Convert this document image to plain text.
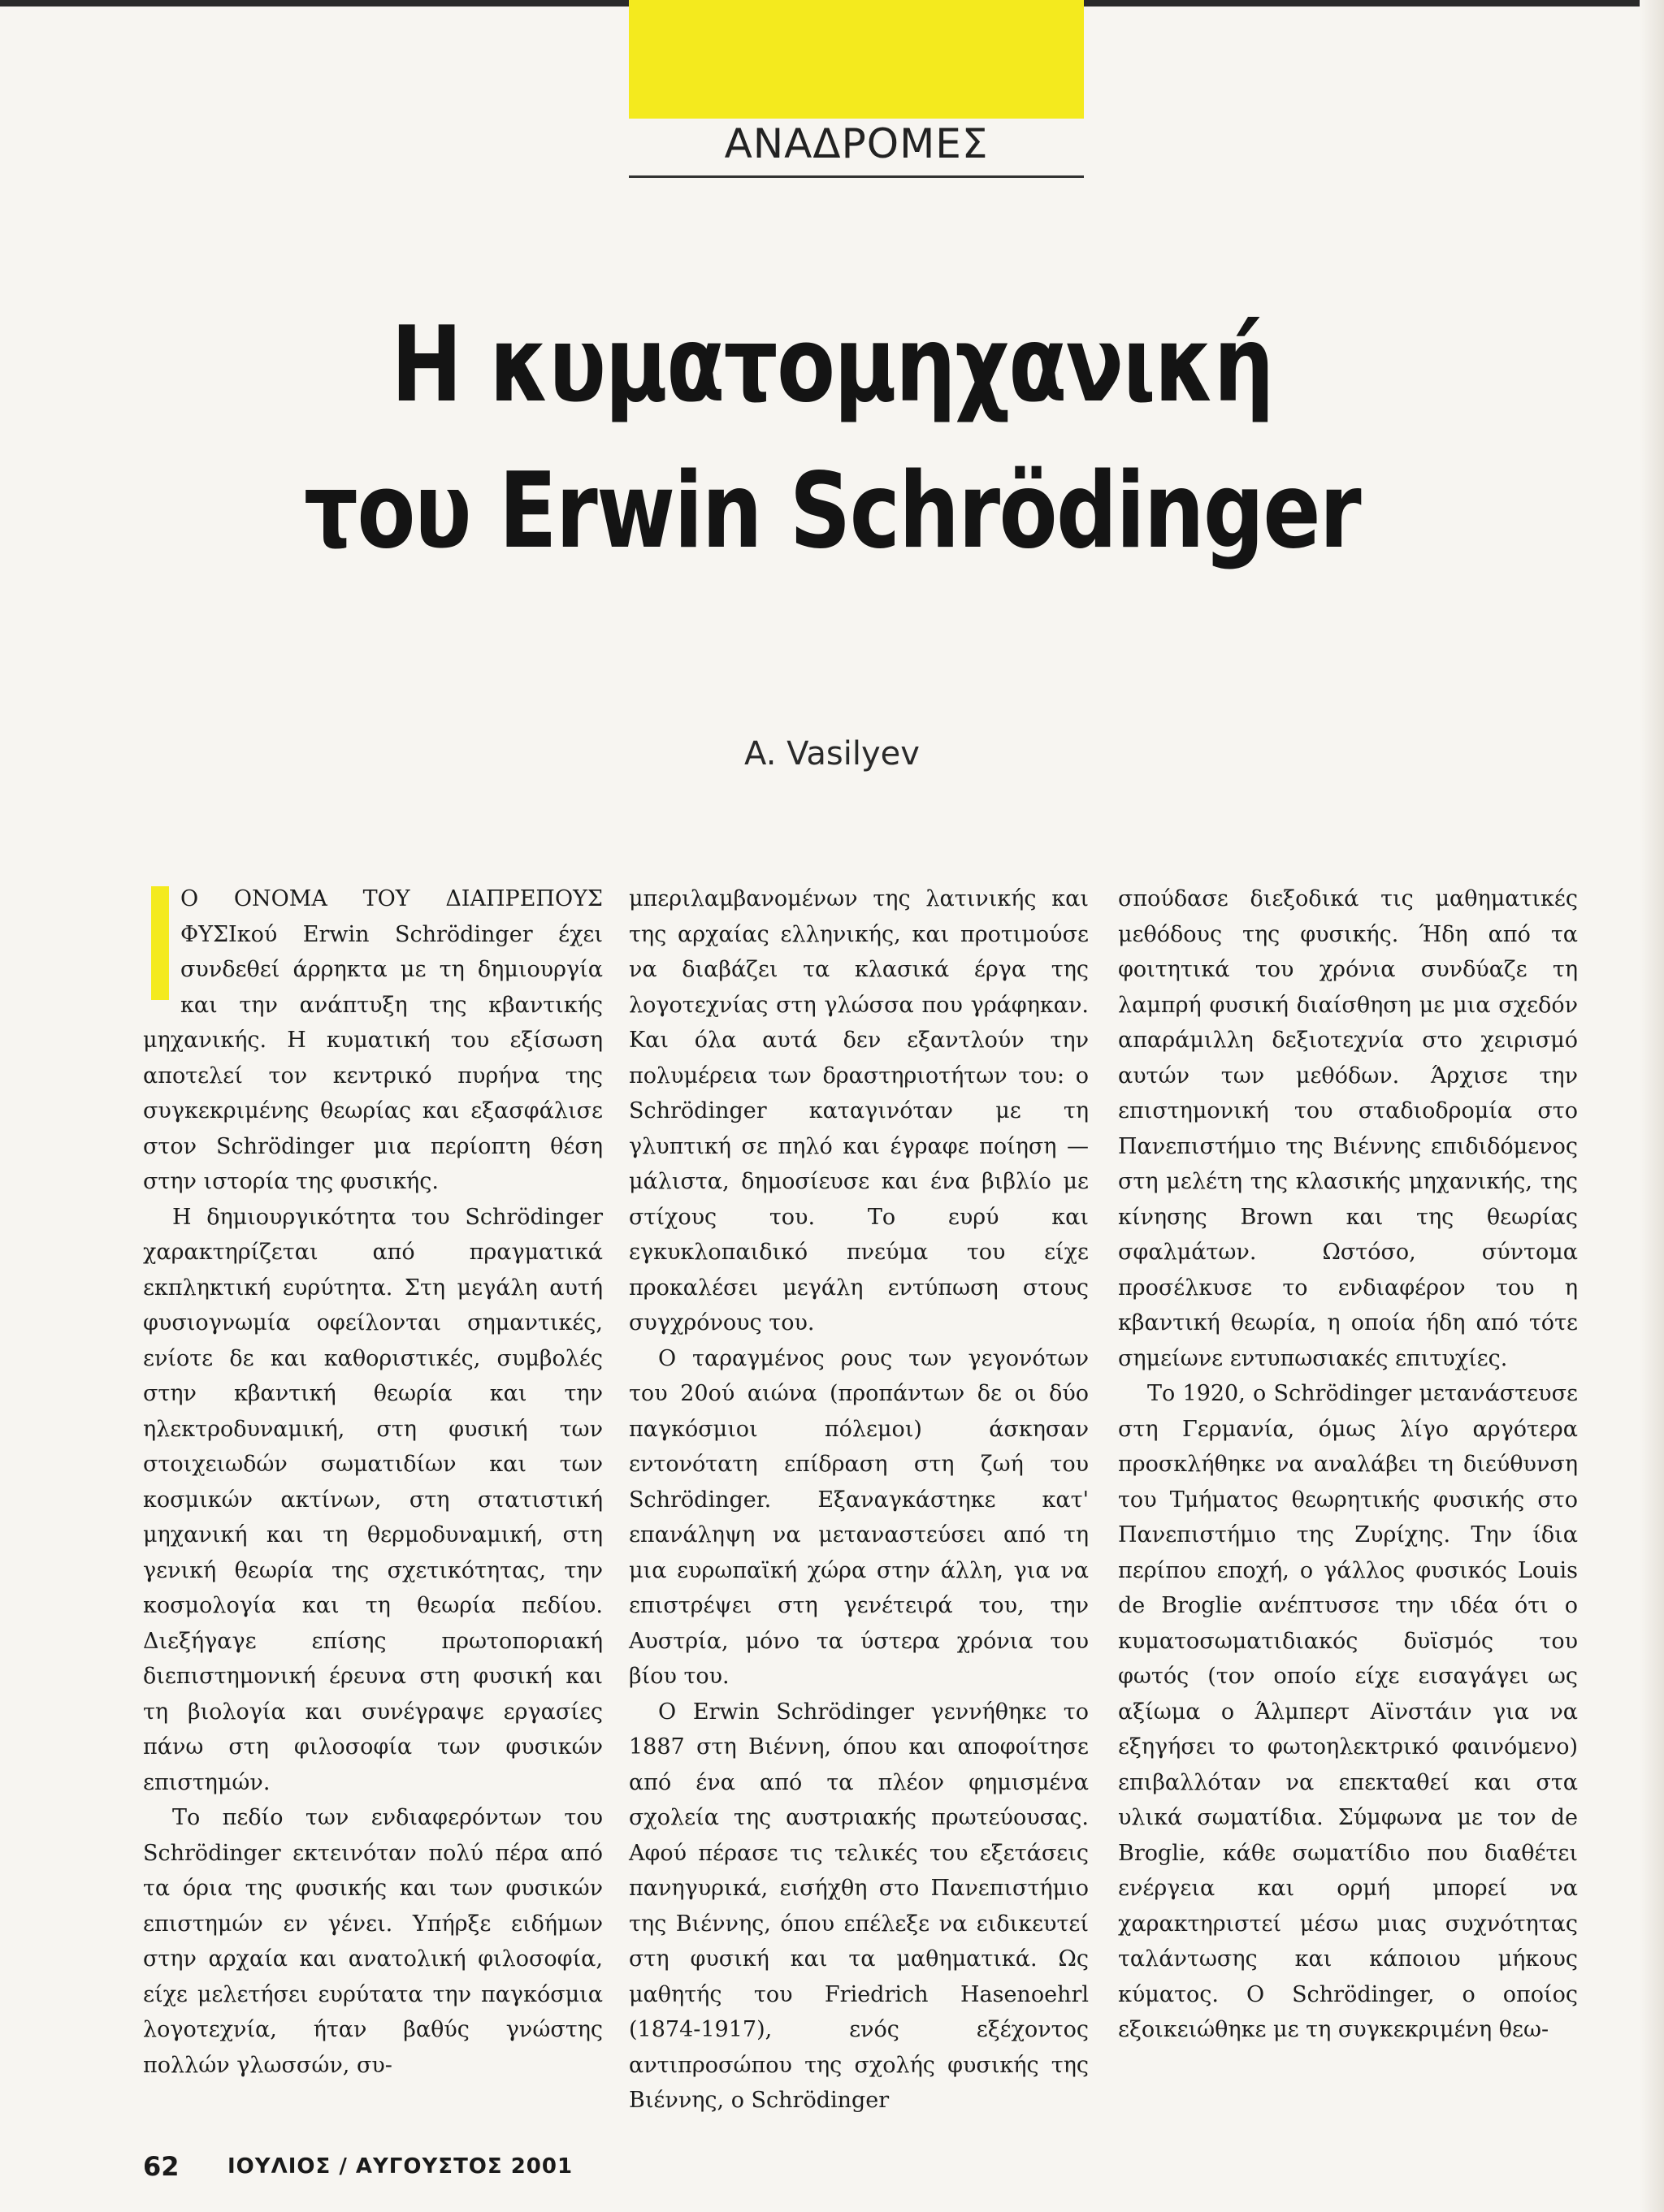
ΑΝΑΔΡΟΜΕΣ
Η κυματομηχανική
του Erwin Schrödinger
A. Vasilyev

Ο ΟΝΟΜΑ ΤΟΥ ΔΙΑΠΡΕΠΟΥΣ ΦΥΣΙκού Erwin Schrödinger έχει συνδεθεί άρρηκτα με τη δημιουργία και την ανάπτυξη της κβαντικής μηχανικής. Η κυματική του εξίσωση αποτελεί τον κεντρικό πυρήνα της συγκεκριμένης θεωρίας και εξασφάλισε στον Schrödinger μια περίοπτη θέση στην ιστορία της φυσικής.

Η δημιουργικότητα του Schrödinger χαρακτηρίζεται από πραγματικά εκπληκτική ευρύτητα. Στη μεγάλη αυτή φυσιογνωμία οφείλονται σημαντικές, ενίοτε δε και καθοριστικές, συμβολές στην κβαντική θεωρία και την ηλεκτροδυναμική, στη φυσική των στοιχειωδών σωματιδίων και των κοσμικών ακτίνων, στη στατιστική μηχανική και τη θερμοδυναμική, στη γενική θεωρία της σχετικότητας, την κοσμολογία και τη θεωρία πεδίου. Διεξήγαγε επίσης πρωτοποριακή διεπιστημονική έρευνα στη φυσική και τη βιολογία και συνέγραψε εργασίες πάνω στη φιλοσοφία των φυσικών επιστημών.

Το πεδίο των ενδιαφερόντων του Schrödinger εκτεινόταν πολύ πέρα από τα όρια της φυσικής και των φυσικών επιστημών εν γένει. Υπήρξε ειδήμων στην αρχαία και ανατολική φιλοσοφία, είχε μελετήσει ευρύτατα την παγκόσμια λογοτεχνία, ήταν βαθύς γνώστης πολλών γλωσσών, συ-

μπεριλαμβανομένων της λατινικής και της αρχαίας ελληνικής, και προτιμούσε να διαβάζει τα κλασικά έργα της λογοτεχνίας στη γλώσσα που γράφηκαν. Και όλα αυτά δεν εξαντλούν την πολυμέρεια των δραστηριοτήτων του: ο Schrödinger καταγινόταν με τη γλυπτική σε πηλό και έγραφε ποίηση —μάλιστα, δημοσίευσε και ένα βιβλίο με στίχους του. Το ευρύ και εγκυκλοπαιδικό πνεύμα του είχε προκαλέσει μεγάλη εντύπωση στους συγχρόνους του.

Ο ταραγμένος ρους των γεγονότων του 20ού αιώνα (προπάντων δε οι δύο παγκόσμιοι πόλεμοι) άσκησαν εντονότατη επίδραση στη ζωή του Schrödinger. Εξαναγκάστηκε κατ' επανάληψη να μεταναστεύσει από τη μια ευρωπαϊκή χώρα στην άλλη, για να επιστρέψει στη γενέτειρά του, την Αυστρία, μόνο τα ύστερα χρόνια του βίου του.

Ο Erwin Schrödinger γεννήθηκε το 1887 στη Βιέννη, όπου και αποφοίτησε από ένα από τα πλέον φημισμένα σχολεία της αυστριακής πρωτεύουσας. Αφού πέρασε τις τελικές του εξετάσεις πανηγυρικά, εισήχθη στο Πανεπιστήμιο της Βιέννης, όπου επέλεξε να ειδικευτεί στη φυσική και τα μαθηματικά. Ως μαθητής του Friedrich Hasenoehrl (1874-1917), ενός εξέχοντος αντιπροσώπου της σχολής φυσικής της Βιέννης, ο Schrödinger

σπούδασε διεξοδικά τις μαθηματικές μεθόδους της φυσικής. Ήδη από τα φοιτητικά του χρόνια συνδύαζε τη λαμπρή φυσική διαίσθηση με μια σχεδόν απαράμιλλη δεξιοτεχνία στο χειρισμό αυτών των μεθόδων. Άρχισε την επιστημονική του σταδιοδρομία στο Πανεπιστήμιο της Βιέννης επιδιδόμενος στη μελέτη της κλασικής μηχανικής, της κίνησης Brown και της θεωρίας σφαλμάτων. Ωστόσο, σύντομα προσέλκυσε το ενδιαφέρον του η κβαντική θεωρία, η οποία ήδη από τότε σημείωνε εντυπωσιακές επιτυχίες.

Το 1920, ο Schrödinger μετανάστευσε στη Γερμανία, όμως λίγο αργότερα προσκλήθηκε να αναλάβει τη διεύθυνση του Τμήματος θεωρητικής φυσικής στο Πανεπιστήμιο της Ζυρίχης. Την ίδια περίπου εποχή, ο γάλλος φυσικός Louis de Broglie ανέπτυσσε την ιδέα ότι ο κυματοσωματιδιακός δυϊσμός του φωτός (τον οποίο είχε εισαγάγει ως αξίωμα ο Άλμπερτ Αϊνστάιν για να εξηγήσει το φωτοηλεκτρικό φαινόμενο) επιβαλλόταν να επεκταθεί και στα υλικά σωματίδια. Σύμφωνα με τον de Broglie, κάθε σωματίδιο που διαθέτει ενέργεια και ορμή μπορεί να χαρακτηριστεί μέσω μιας συχνότητας ταλάντωσης και κάποιου μήκους κύματος. Ο Schrödinger, ο οποίος εξοικειώθηκε με τη συγκεκριμένη θεω-

62 ΙΟΥΛΙΟΣ / ΑΥΓΟΥΣΤΟΣ 2001
